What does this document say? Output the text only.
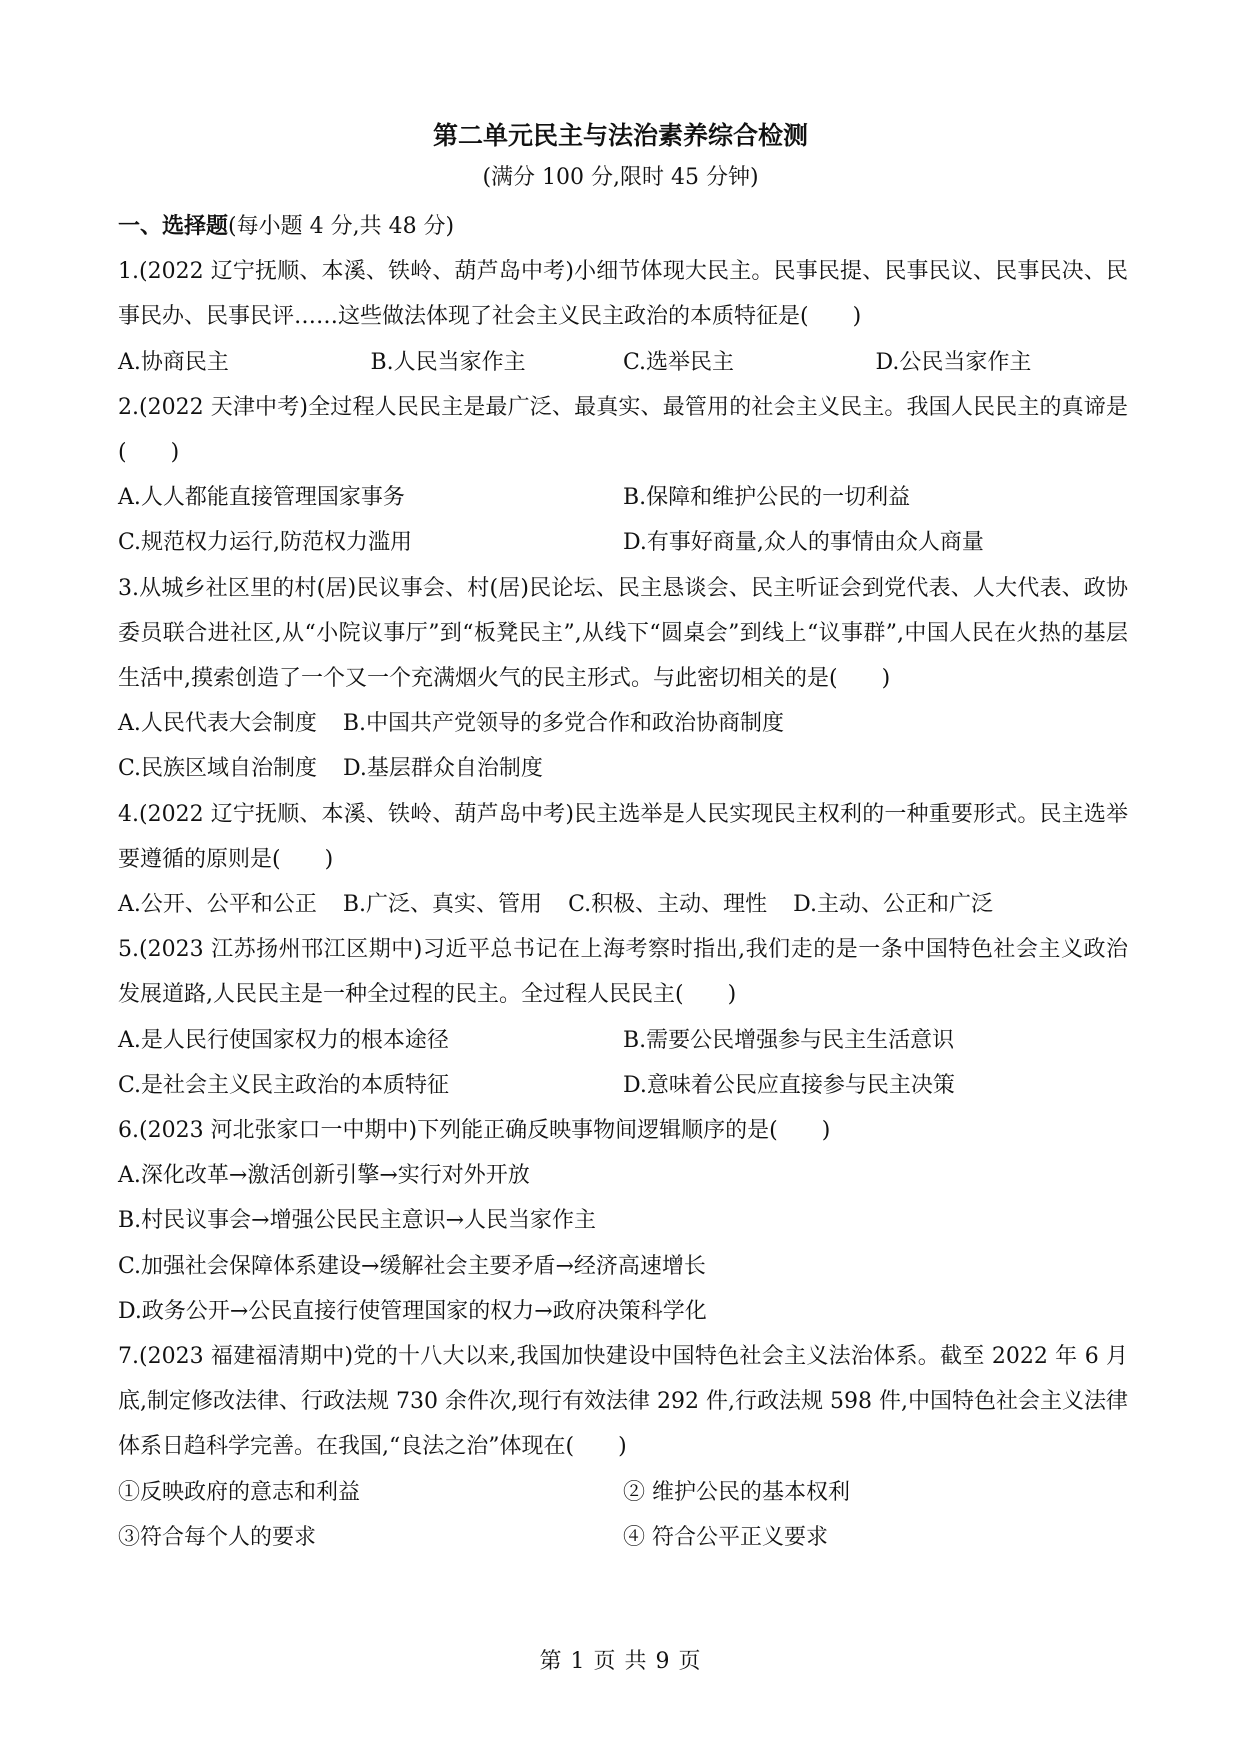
第二单元民主与法治素养综合检测
(满分 100 分,限时 45 分钟)

一、选择题(每小题 4 分,共 48 分)

1.(2022 辽宁抚顺、本溪、铁岭、葫芦岛中考)小细节体现大民主。民事民提、民事民议、民事民决、民事民办、民事民评……这些做法体现了社会主义民主政治的本质特征是(　　)

A.协商民主	B.人民当家作主	C.选举民主	D.公民当家作主

2.(2022 天津中考)全过程人民民主是最广泛、最真实、最管用的社会主义民主。我国人民民主的真谛是(　　)

A.人人都能直接管理国家事务	B.保障和维护公民的一切利益
C.规范权力运行,防范权力滥用	D.有事好商量,众人的事情由众人商量

3.从城乡社区里的村(居)民议事会、村(居)民论坛、民主恳谈会、民主听证会到党代表、人大代表、政协委员联合进社区,从“小院议事厅”到“板凳民主”,从线下“圆桌会”到线上“议事群”,中国人民在火热的基层生活中,摸索创造了一个又一个充满烟火气的民主形式。与此密切相关的是(　　)

A.人民代表大会制度 B.中国共产党领导的多党合作和政治协商制度
C.民族区域自治制度 D.基层群众自治制度

4.(2022 辽宁抚顺、本溪、铁岭、葫芦岛中考)民主选举是人民实现民主权利的一种重要形式。民主选举要遵循的原则是(　　)

A.公开、公平和公正 B.广泛、真实、管用 C.积极、主动、理性 D.主动、公正和广泛

5.(2023 江苏扬州邗江区期中)习近平总书记在上海考察时指出,我们走的是一条中国特色社会主义政治发展道路,人民民主是一种全过程的民主。全过程人民民主(　　)

A.是人民行使国家权力的根本途径	B.需要公民增强参与民主生活意识
C.是社会主义民主政治的本质特征	D.意味着公民应直接参与民主决策

6.(2023 河北张家口一中期中)下列能正确反映事物间逻辑顺序的是(　　)

A.深化改革→激活创新引擎→实行对外开放
B.村民议事会→增强公民民主意识→人民当家作主
C.加强社会保障体系建设→缓解社会主要矛盾→经济高速增长
D.政务公开→公民直接行使管理国家的权力→政府决策科学化

7.(2023 福建福清期中)党的十八大以来,我国加快建设中国特色社会主义法治体系。截至 2022 年 6 月底,制定修改法律、行政法规 730 余件次,现行有效法律 292 件,行政法规 598 件,中国特色社会主义法律体系日趋科学完善。在我国,“良法之治”体现在(　　)

①反映政府的意志和利益	② 维护公民的基本权利
③符合每个人的要求	④ 符合公平正义要求
第 1 页 共 9 页
